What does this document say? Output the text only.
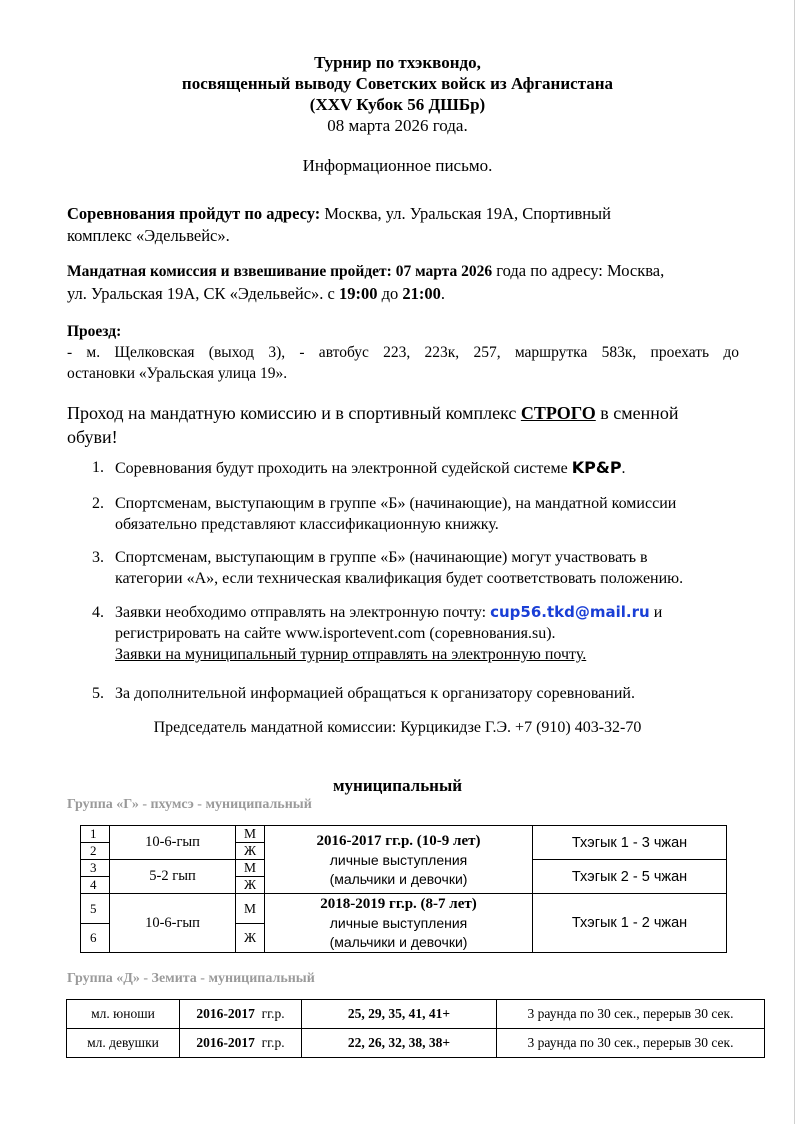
Турнир по тхэквондо,
посвященный выводу Советских войск из Афганистана
(XXV Кубок 56 ДШБр)
08 марта 2026 года.
Информационное письмо.
Соревнования пройдут по адресу: Москва, ул. Уральская 19А, Спортивный
комплекс «Эдельвейс».
Мандатная комиссия и взвешивание пройдет: 07 марта 2026 года по адресу: Москва,
ул. Уральская 19А, СК «Эдельвейс». с 19:00 до 21:00.
Проезд:
- м. Щелковская (выход 3), - автобус 223, 223к, 257, маршрутка 583к, проехать до
остановки «Уральская улица 19».
Проход на мандатную комиссию и в спортивный комплекс СТРОГО в сменной
обуви!
1. Соревнования будут проходить на электронной судейской системе KP&P.
2. Спортсменам, выступающим в группе «Б» (начинающие), на мандатной комиссии
обязательно представляют классификационную книжку.
3. Спортсменам, выступающим в группе «Б» (начинающие) могут участвовать в
категории «А», если техническая квалификация будет соответствовать положению.
4. Заявки необходимо отправлять на электронную почту: cup56.tkd@mail.ru и
регистрировать на сайте www.isportevent.com (соревнования.su).
Заявки на муниципальный турнир отправлять на электронную почту.
5. За дополнительной информацией обращаться к организатору соревнований.
Председатель мандатной комиссии: Курцикидзе Г.Э. +7 (910) 403-32-70
муниципальный
Группа «Г» - пхумсэ - муниципальный
1	10-6-гып	М	2016-2017 гг.р. (10-9 лет)
личные выступления
(мальчики и девочки)	Тхэгык 1 - 3 чжан
2		Ж		
3	5-2 гып	М		Тхэгык 2 - 5 чжан
4		Ж		
5	10-6-гып	М	2018-2019 гг.р. (8-7 лет)
личные выступления
(мальчики и девочки)	Тхэгык 1 - 2 чжан
6		Ж		
Группа «Д» - Земита - муниципальный
мл. юноши	2016-2017  гг.р.	25, 29, 35, 41, 41+	3 раунда по 30 сек., перерыв 30 сек.
мл. девушки	2016-2017  гг.р.	22, 26, 32, 38, 38+	3 раунда по 30 сек., перерыв 30 сек.
